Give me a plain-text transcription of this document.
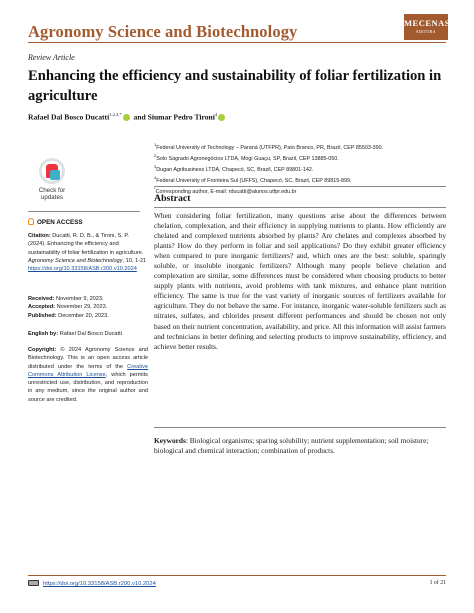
Agronomy Science and Biotechnology	MECENAS
EDITORA
Review Article
Enhancing the efficiency and sustainability of foliar fertilization in agriculture
Rafael Dal Bosco Ducatti$^{1,2,3,*}$ and Siumar Pedro Tironi$^4$
$^1$Federal University of Technology – Paraná (UTFPR), Pato Branco, PR, Brazil, CEP 85503-390.
$^2$Solo Sagrado Agronegócios LTDA, Mogi Guaçu, SP, Brazil, CEP 13885-050.
$^3$Dugan Agribusiness LTDA, Chapecó, SC, Brazil, CEP 89801-142.
$^4$Federal University of Fronteira Sul (UFFS), Chapecó, SC, Brazil, CEP 89815-899.
*Corresponding author, E-mail: rducatti@alunos.utfpr.edu.br
Check for
updates
OPEN ACCESS
Citation: Ducatti, R. D. B., & Tironi, S. P. (2024). Enhancing the efficiency and sustainability of foliar fertilization in agriculture. Agronomy Science and Biotechnology, 10, 1-21 https://doi.org/10.33158/ASB.r200.v10.2024
Received: November 9, 2023.
Accepted: November 29, 2023.
Published: December 20, 2023.
English by: Rafael Dal Bosco Ducatti
Copyright: © 2024 Agronomy Science and Biotechnology. This is an open access article distributed under the terms of the Creative Commons Attribution License, which permits unrestricted use, distribution, and reproduction in any medium, since the original author and source are credited.
Abstract
When considering foliar fertilization, many questions arise about the differences between chelation, complexation, and their efficiency in supplying nutrients to plants. How efficiently are chelated and complexed nutrients absorbed by plants? Are chelates and complexes absorbed by plants? How do they perform in foliar and soil applications? Do they exhibit greater efficiency when compared to pure inorganic fertilizers? and, which ones are the best: soluble, sparingly soluble, or insoluble inorganic fertilizers? Although many people believe chelation and complexation are similar, some differences must be considered when choosing products to better supply plants with nutrients, avoid problems with tank mixtures, and enhance plant nutrition efficiency. The same is true for the vast variety of inorganic sources of fertilizers available for agriculture. They do not behave the same. For instance, inorganic water-soluble fertilizers such as nitrates, sulfates, and chlorides present different performances and should be chosen not only based on their nutrient concentration, availability, and price. All this information will assist farmers and technicians in better defining and selecting products to improve sustainability, efficiency, and achieve better results.
Keywords: Biological organisms; sparing solubility; nutrient supplementation; soil moisture; biological and chemical interaction; combination of products.
https://doi.org/10.33158/ASB.r200.v10.2024	1 of 21
